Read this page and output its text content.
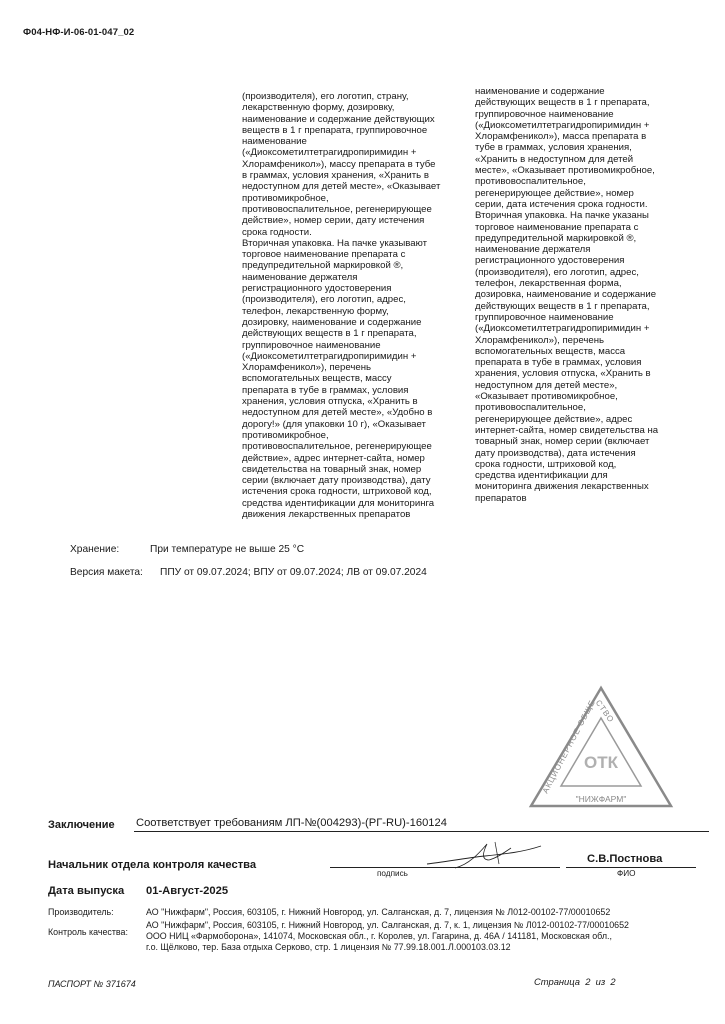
Ф04-НФ-И-06-01-047_02
(производителя), его логотип, страну,
лекарственную форму, дозировку,
наименование и содержание действующих
веществ в 1 г препарата, группировочное
наименование
(«Диоксометилтетрагидропиримидин +
Хлорамфеникол»), массу препарата в тубе
в граммах, условия хранения, «Хранить в
недоступном для детей месте», «Оказывает
противомикробное,
противовоспалительное, регенерирующее
действие», номер серии, дату истечения
срока годности.
Вторичная упаковка. На пачке указывают
торговое наименование препарата с
предупредительной маркировкой ®,
наименование держателя
регистрационного удостоверения
(производителя), его логотип, адрес,
телефон, лекарственную форму,
дозировку, наименование и содержание
действующих веществ в 1 г препарата,
группировочное наименование
(«Диоксометилтетрагидропиримидин +
Хлорамфеникол»), перечень
вспомогательных веществ, массу
препарата в тубе в граммах, условия
хранения, условия отпуска, «Хранить в
недоступном для детей месте», «Удобно в
дорогу!» (для упаковки 10 г), «Оказывает
противомикробное,
противовоспалительное, регенерирующее
действие», адрес интернет-сайта, номер
свидетельства на товарный знак, номер
серии (включает дату производства), дату
истечения срока годности, штриховой код,
средства идентификации для мониторинга
движения лекарственных препаратов
наименование и содержание
действующих веществ в 1 г препарата,
группировочное наименование
(«Диоксометилтетрагидропиримидин +
Хлорамфеникол»), масса препарата в
тубе в граммах, условия хранения,
«Хранить в недоступном для детей
месте», «Оказывает противомикробное,
противовоспалительное,
регенерирующее действие», номер
серии, дата истечения срока годности.
Вторичная упаковка. На пачке указаны
торговое наименование препарата с
предупредительной маркировкой ®,
наименование держателя
регистрационного удостоверения
(производителя), его логотип, адрес,
телефон, лекарственная форма,
дозировка, наименование и содержание
действующих веществ в 1 г препарата,
группировочное наименование
(«Диоксометилтетрагидропиримидин +
Хлорамфеникол»), перечень
вспомогательных веществ, масса
препарата в тубе в граммах, условия
хранения, условия отпуска, «Хранить в
недоступном для детей месте»,
«Оказывает противомикробное,
противовоспалительное,
регенерирующее действие», адрес
интернет-сайта, номер свидетельства на
товарный знак, номер серии (включает
дату производства), дата истечения
срока годности, штриховой код,
средства идентификации для
мониторинга движения лекарственных
препаратов
Хранение:	При температуре не выше 25 °С
Версия макета: ППУ от 09.07.2024; ВПУ от 09.07.2024; ЛВ от 09.07.2024
АКЦИОНЕРНОЕ ОБЩЕСТВО
ОТК
"НИЖФАРМ"
Заключение Соответствует требованиям ЛП-№(004293)-(РГ-RU)-160124
Начальник отдела контроля качества	С.В.Постнова
подпись	ФИО
Дата выпуска 01-Август-2025
Производитель:	АО "Нижфарм", Россия, 603105, г. Нижний Новгород, ул. Салганская, д. 7, лицензия № Л012-00102-77/00010652
Контроль качества:
АО "Нижфарм", Россия, 603105, г. Нижний Новгород, ул. Салганская, д. 7, к. 1, лицензия № Л012-00102-77/00010652
ООО НИЦ «Фармоборона», 141074, Московская обл., г. Королев, ул. Гагарина, д. 46А / 141181, Московская обл.,
г.о. Щёлково, тер. База отдыха Серково, стр. 1 лицензия № 77.99.18.001.Л.000103.03.12
ПАСПОРТ № 371674	Страница 2 из 2
